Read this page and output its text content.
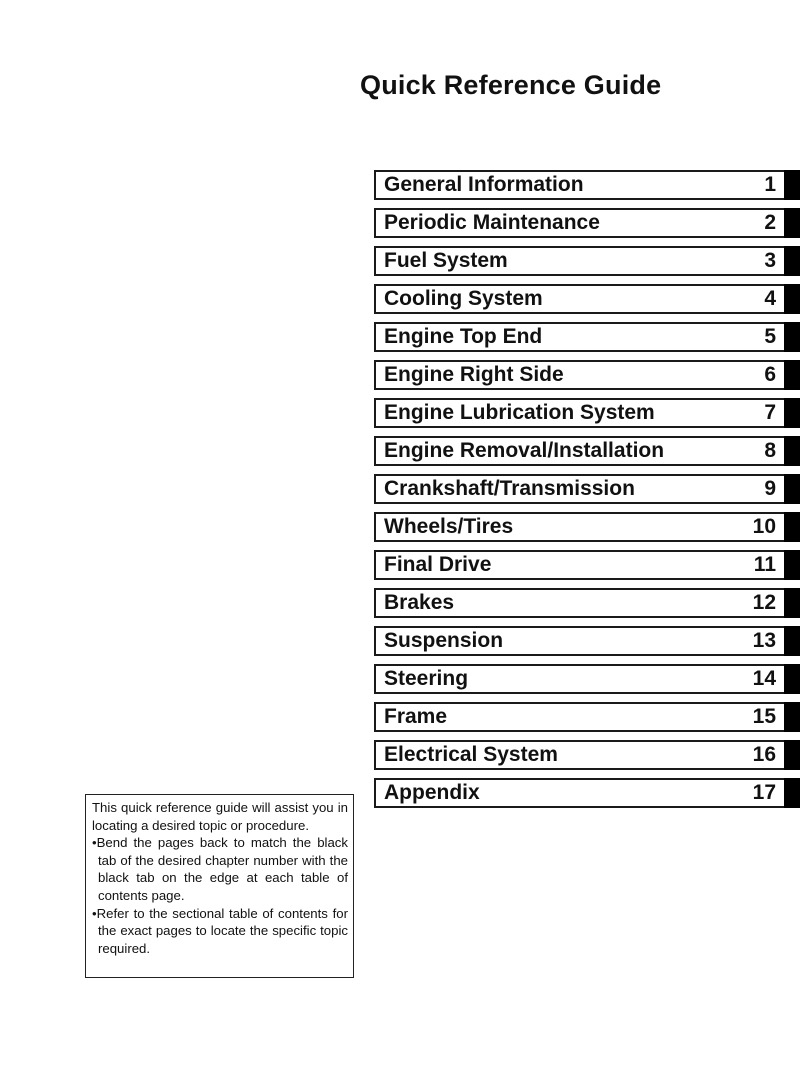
Quick Reference Guide
General Information	1
Periodic Maintenance	2
Fuel System	3
Cooling System	4
Engine Top End	5
Engine Right Side	6
Engine Lubrication System	7
Engine Removal/Installation	8
Crankshaft/Transmission	9
Wheels/Tires	10
Final Drive	11
Brakes	12
Suspension	13
Steering	14
Frame	15
Electrical System	16
Appendix	17

This quick reference guide will assist you in locating a desired topic or procedure.

•Bend the pages back to match the black tab of the desired chapter number with the black tab on the edge at each table of contents page.

•Refer to the sectional table of contents for the exact pages to locate the specific topic required.
